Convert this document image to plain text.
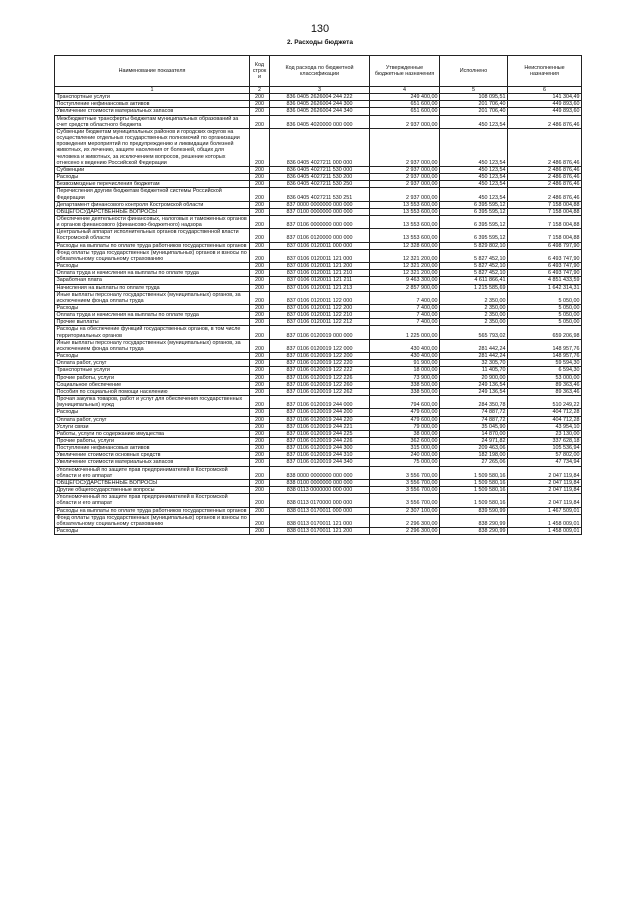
130
2. Расходы бюджета
Наименование показателя	Код строк и	Код расхода по бюджетной классификации	Утвержденные бюджетные назначения	Исполнено	Неисполненные назначения
1	2	3	4	5	6
Транспортные услуги	200	836 0405 2626004 244 222	249 400,00	108 095,51	141 304,49
Поступление нефинансовых активов	200	836 0405 2626004 244 300	651 600,00	201 706,40	449 893,60
Увеличение стоимости материальных запасов	200	836 0405 2626004 244 340	651 600,00	201 706,40	449 893,60
Межбюджетные трансферты бюджетам муниципальных образований за счет средств областного бюджета	200	836 0405 4020000 000 000	2 937 000,00	450 123,54	2 486 876,46
Субвенции бюджетам муниципальных районов и городских округов на осуществление отдельных государственных полномочий по организации проведения мероприятий по предупреждению и ликвидации болезней животных, их лечению, защите населения от болезней, общих для человека и животных, за исключением вопросов, решение которых отнесено к ведению Российской Федерации	200	836 0405 4027211 000 000	2 937 000,00	450 123,54	2 486 876,46
Субвенции	200	836 0405 4027211 530 000	2 937 000,00	450 123,54	2 486 876,46
Расходы	200	836 0405 4027211 530 200	2 937 000,00	450 123,54	2 486 876,46
Безвозмездные перечисления бюджетам	200	836 0405 4027211 530 250	2 937 000,00	450 123,54	2 486 876,46
Перечисления другим бюджетам бюджетной системы Российской Федерации	200	836 0405 4027211 530 251	2 937 000,00	450 123,54	2 486 876,46
Департамент финансового контроля Костромской области	200	837 0000 0000000 000 000	13 553 600,00	6 395 595,12	7 158 004,88
ОБЩЕГОСУДАРСТВЕННЫЕ ВОПРОСЫ	200	837 0100 0000000 000 000	13 553 600,00	6 395 595,12	7 158 004,88
Обеспечение деятельности финансовых, налоговых и таможенных органов и органов финансового (финансово-бюджетного) надзора	200	837 0106 0000000 000 000	13 553 600,00	6 395 595,12	7 158 004,88
Центральный аппарат исполнительных органов государственной власти Костромской области	200	837 0106 0120000 000 000	13 553 600,00	6 395 595,12	7 158 004,88
Расходы на выплаты по оплате труда работников государственных органов	200	837 0106 0120011 000 000	12 328 600,00	5 829 802,10	6 498 797,90
Фонд оплаты труда государственных (муниципальных) органов и взносы по обязательному социальному страхованию	200	837 0106 0120011 121 000	12 321 200,00	5 827 452,10	6 493 747,90
Расходы	200	837 0106 0120011 121 200	12 321 200,00	5 827 452,10	6 493 747,90
Оплата труда и начисления на выплаты по оплате труда	200	837 0106 0120011 121 210	12 321 200,00	5 827 452,10	6 493 747,90
Заработная плата	200	837 0106 0120011 121 211	9 463 300,00	4 611 866,41	4 851 433,59
Начисления на выплаты по оплате труда	200	837 0106 0120011 121 213	2 857 900,00	1 215 585,69	1 642 314,31
Иные выплаты персоналу государственных (муниципальных) органов, за исключением фонда оплаты труда	200	837 0106 0120011 122 000	7 400,00	2 350,00	5 050,00
Расходы	200	837 0106 0120011 122 200	7 400,00	2 350,00	5 050,00
Оплата труда и начисления на выплаты по оплате труда	200	837 0106 0120011 122 210	7 400,00	2 350,00	5 050,00
Прочие выплаты	200	837 0106 0120011 122 212	7 400,00	2 350,00	5 050,00
Расходы на обеспечение функций государственных органов, в том числе территориальных органов	200	837 0106 0120019 000 000	1 225 000,00	565 793,02	659 206,98
Иные выплаты персоналу государственных (муниципальных) органов, за исключением фонда оплаты труда	200	837 0106 0120019 122 000	430 400,00	281 442,24	148 957,76
Расходы	200	837 0106 0120019 122 200	430 400,00	281 442,24	148 957,76
Оплата работ, услуг	200	837 0106 0120019 122 220	91 900,00	32 305,70	59 594,30
Транспортные услуги	200	837 0106 0120019 122 222	18 000,00	11 405,70	6 594,30
Прочие работы, услуги	200	837 0106 0120019 122 226	73 900,00	20 900,00	53 000,00
Социальное обеспечение	200	837 0106 0120019 122 260	338 500,00	249 136,54	89 363,46
Пособия по социальной помощи населению	200	837 0106 0120019 122 262	338 500,00	249 136,54	89 363,46
Прочая закупка товаров, работ и услуг для обеспечения государственных (муниципальных) нужд	200	837 0106 0120019 244 000	794 600,00	284 350,78	510 249,22
Расходы	200	837 0106 0120019 244 200	479 600,00	74 887,72	404 712,28
Оплата работ, услуг	200	837 0106 0120019 244 220	479 600,00	74 887,72	404 712,28
Услуги связи	200	837 0106 0120019 244 221	79 000,00	35 045,90	43 954,10
Работы, услуги по содержанию имущества	200	837 0106 0120019 244 225	38 000,00	14 870,00	23 130,00
Прочие работы, услуги	200	837 0106 0120019 244 226	362 600,00	24 971,82	337 628,18
Поступление нефинансовых активов	200	837 0106 0120019 244 300	315 000,00	209 463,06	105 536,94
Увеличение стоимости основных средств	200	837 0106 0120019 244 310	240 000,00	182 198,00	57 802,00
Увеличение стоимости материальных запасов	200	837 0106 0120019 244 340	75 000,00	27 265,06	47 734,94
Уполномоченный по защите прав предпринимателей в Костромской области и его аппарат	200	838 0000 0000000 000 000	3 556 700,00	1 509 580,16	2 047 119,84
ОБЩЕГОСУДАРСТВЕННЫЕ ВОПРОСЫ	200	838 0100 0000000 000 000	3 556 700,00	1 509 580,16	2 047 119,84
Другие общегосударственные вопросы	200	838 0113 0000000 000 000	3 556 700,00	1 509 580,16	2 047 119,84
Уполномоченный по защите прав предпринимателей в Костромской области и его аппарат	200	838 0113 0170000 000 000	3 556 700,00	1 509 580,16	2 047 119,84
Расходы на выплаты по оплате труда работников государственных органов	200	838 0113 0170011 000 000	2 307 100,00	839 590,99	1 467 509,01
Фонд оплаты труда государственных (муниципальных) органов и взносы по обязательному социальному страхованию	200	838 0113 0170011 121 000	2 296 300,00	838 290,99	1 458 009,01
Расходы	200	838 0113 0170011 121 200	2 296 300,00	838 290,99	1 458 009,01
